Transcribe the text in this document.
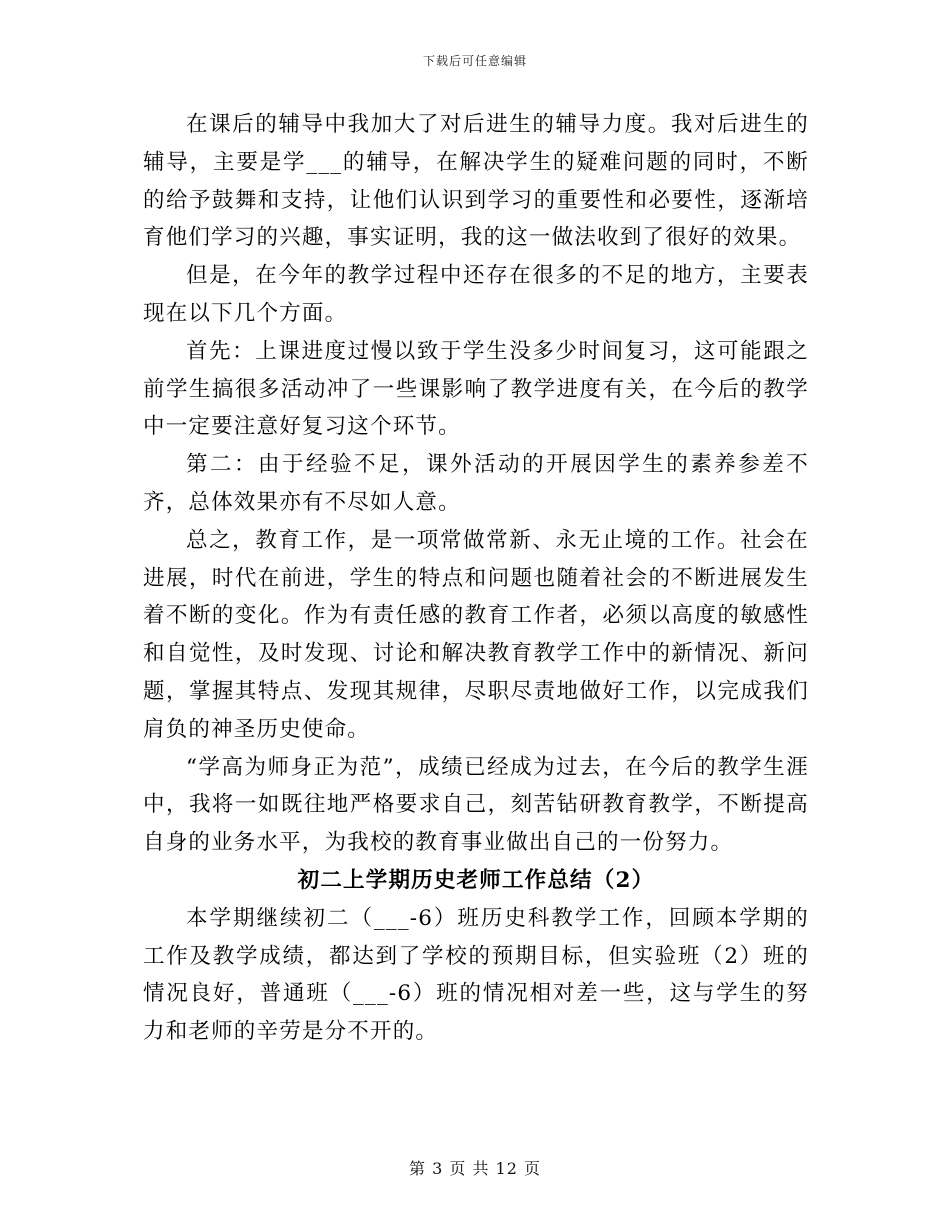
下载后可任意编辑

在课后的辅导中我加大了对后进生的辅导力度。我对后进生的辅导，主要是学___的辅导，在解决学生的疑难问题的同时，不断的给予鼓舞和支持，让他们认识到学习的重要性和必要性，逐渐培育他们学习的兴趣，事实证明，我的这一做法收到了很好的效果。

但是，在今年的教学过程中还存在很多的不足的地方，主要表现在以下几个方面。

首先：上课进度过慢以致于学生没多少时间复习，这可能跟之前学生搞很多活动冲了一些课影响了教学进度有关，在今后的教学中一定要注意好复习这个环节。

第二：由于经验不足，课外活动的开展因学生的素养参差不齐，总体效果亦有不尽如人意。

总之，教育工作，是一项常做常新、永无止境的工作。社会在进展，时代在前进，学生的特点和问题也随着社会的不断进展发生着不断的变化。作为有责任感的教育工作者，必须以高度的敏感性和自觉性，及时发现、讨论和解决教育教学工作中的新情况、新问题，掌握其特点、发现其规律，尽职尽责地做好工作，以完成我们肩负的神圣历史使命。

“学高为师身正为范”，成绩已经成为过去，在今后的教学生涯中，我将一如既往地严格要求自己，刻苦钻研教育教学，不断提高自身的业务水平，为我校的教育事业做出自己的一份努力。

初二上学期历史老师工作总结（2）

本学期继续初二（___-6）班历史科教学工作，回顾本学期的工作及教学成绩，都达到了学校的预期目标，但实验班（2）班的情况良好，普通班（___-6）班的情况相对差一些，这与学生的努力和老师的辛劳是分不开的。

第 3 页 共 12 页
